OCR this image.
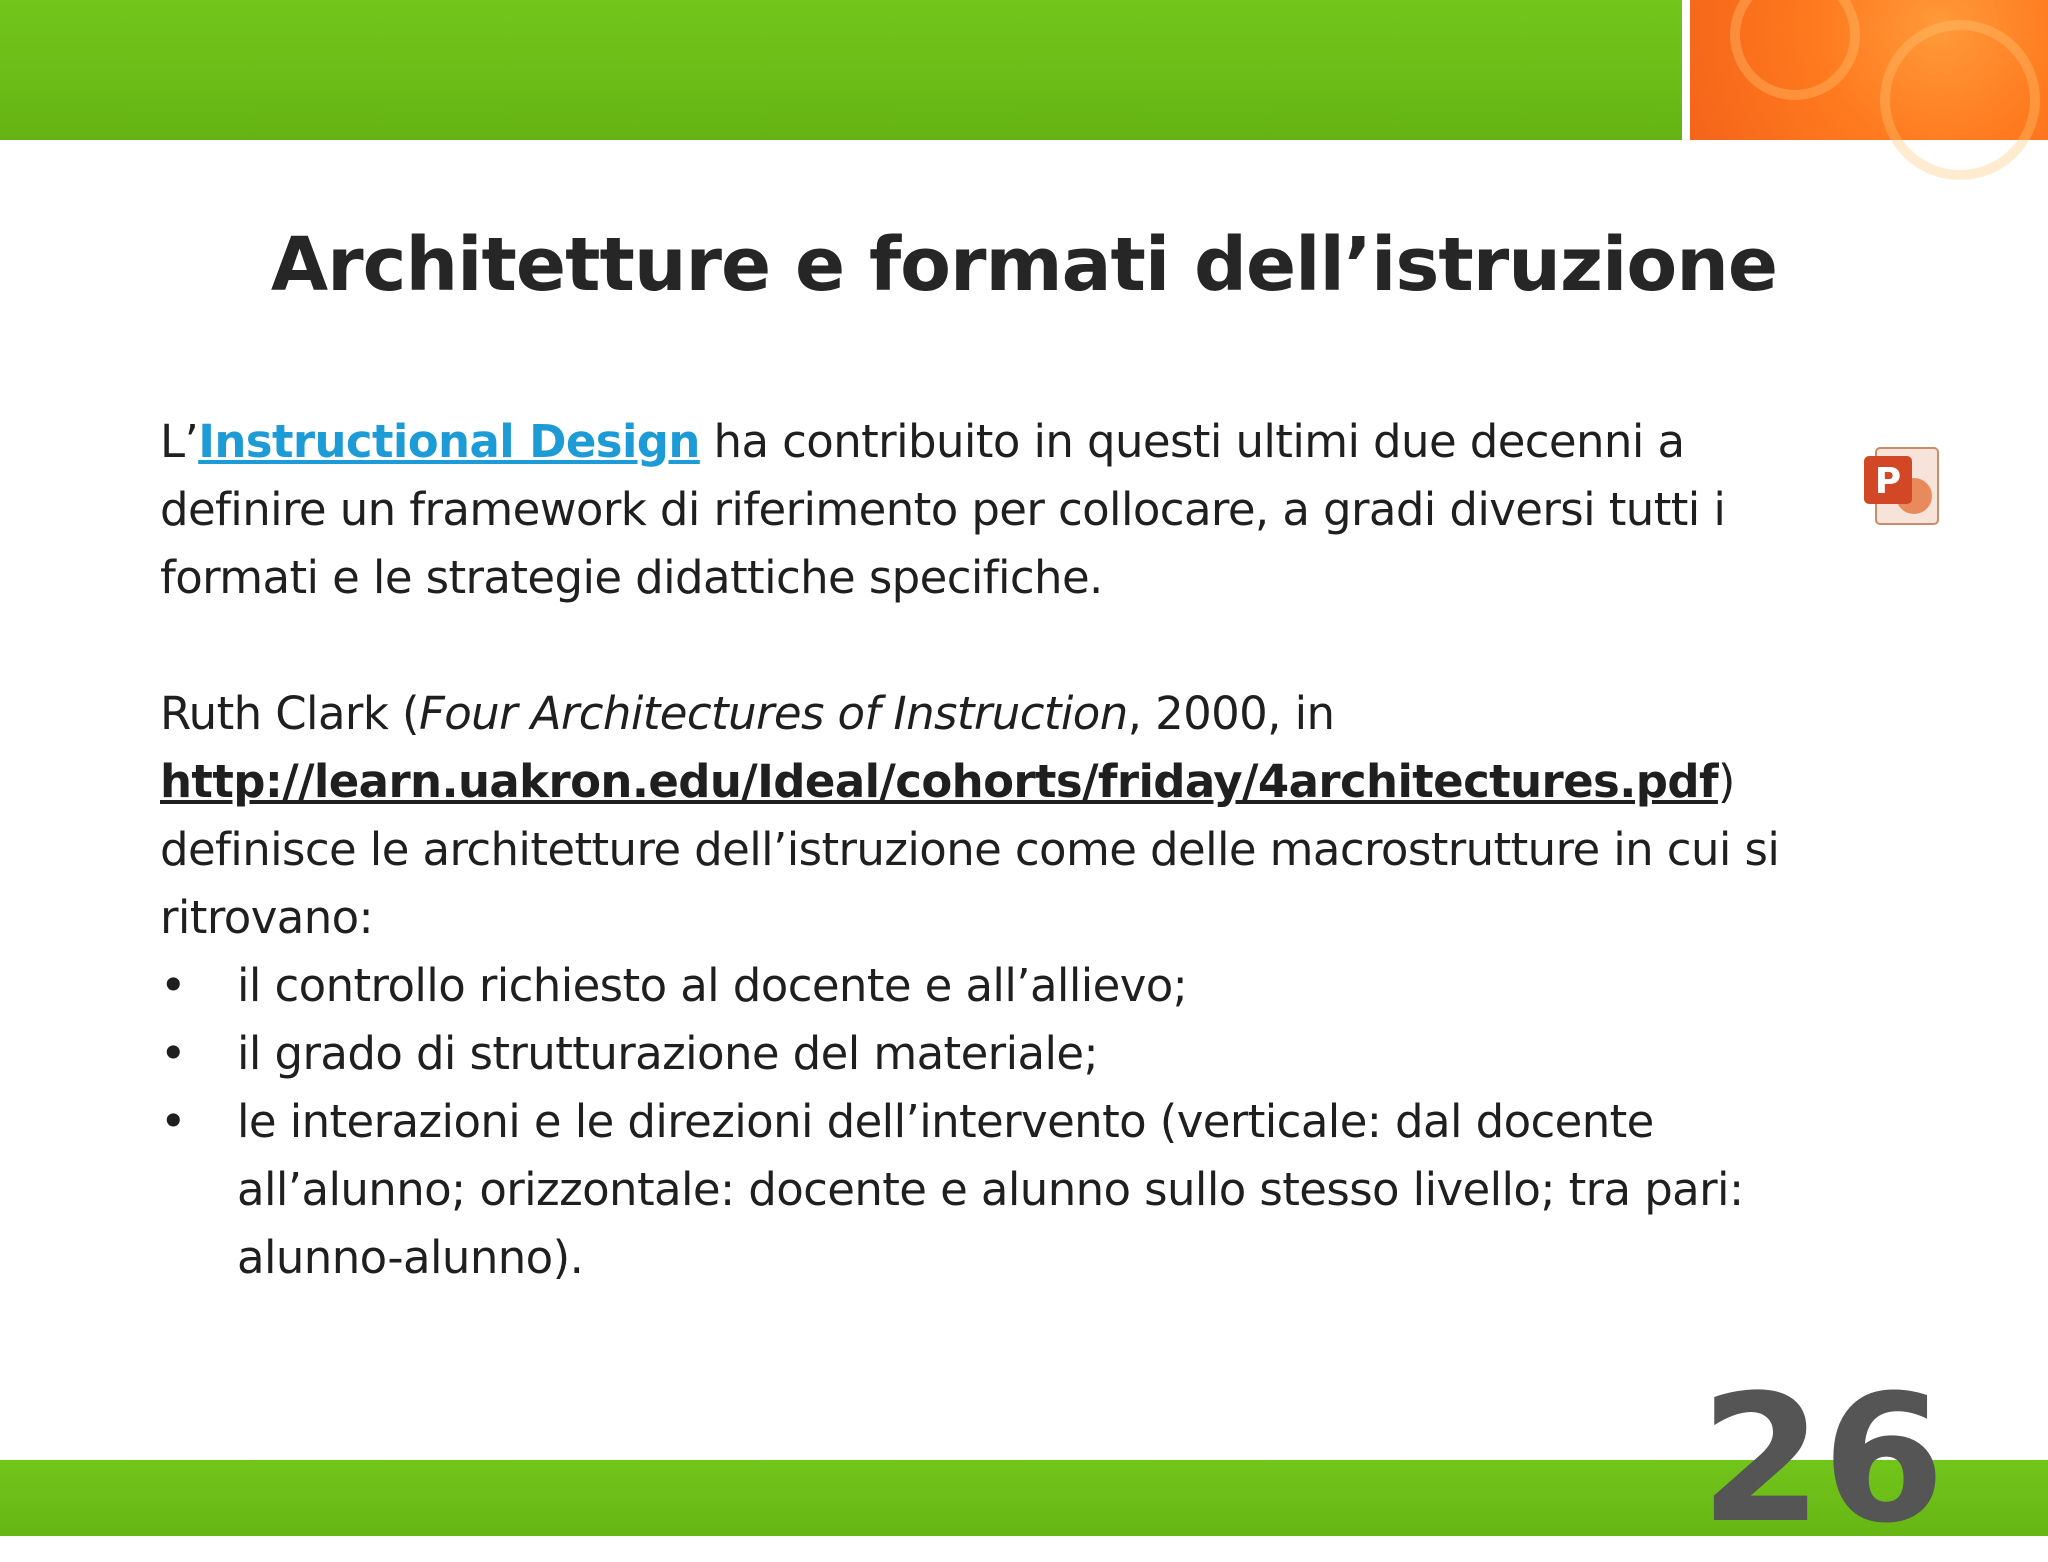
Architetture e formati dell’istruzione
P

L’Instructional Design ha contribuito in questi ultimi due decenni a definire un framework di riferimento per collocare, a gradi diversi tutti i formati e le strategie didattiche specifiche.

Ruth Clark (Four Architectures of Instruction, 2000, in
http://learn.uakron.edu/Ideal/cohorts/friday/4architectures.pdf)
definisce le architetture dell’istruzione come delle macrostrutture in cui si ritrovano:

• il controllo richiesto al docente e all’allievo;
• il grado di strutturazione del materiale;
• le interazioni e le direzioni dell’intervento (verticale: dal docente all’alunno; orizzontale: docente e alunno sullo stesso livello; tra pari: alunno-alunno).
26
